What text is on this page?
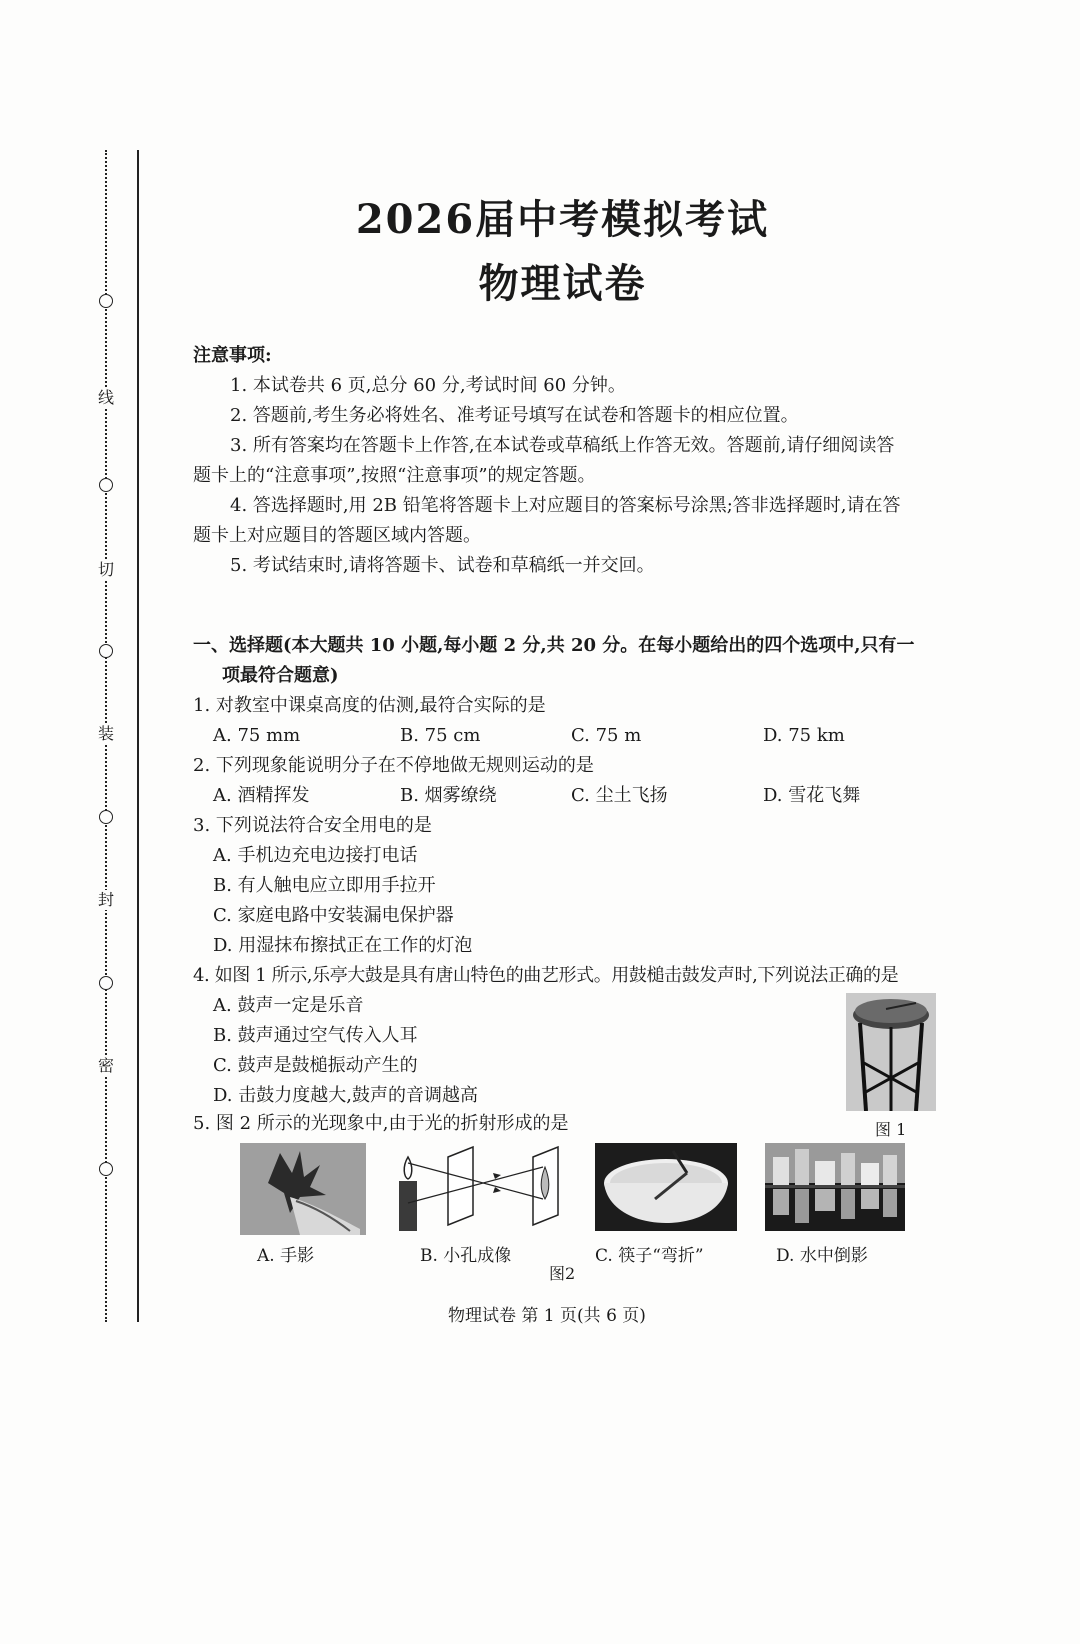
线
切
装
封
密
2026届中考模拟考试
物理试卷
注意事项:
1. 本试卷共 6 页,总分 60 分,考试时间 60 分钟。
2. 答题前,考生务必将姓名、准考证号填写在试卷和答题卡的相应位置。
3. 所有答案均在答题卡上作答,在本试卷或草稿纸上作答无效。答题前,请仔细阅读答
题卡上的“注意事项”,按照“注意事项”的规定答题。
4. 答选择题时,用 2B 铅笔将答题卡上对应题目的答案标号涂黑;答非选择题时,请在答
题卡上对应题目的答题区域内答题。
5. 考试结束时,请将答题卡、试卷和草稿纸一并交回。
一、选择题(本大题共 10 小题,每小题 2 分,共 20 分。在每小题给出的四个选项中,只有一
项最符合题意)
1. 对教室中课桌高度的估测,最符合实际的是
A. 75 mm	B. 75 cm	C. 75 m	D. 75 km
2. 下列现象能说明分子在不停地做无规则运动的是
A. 酒精挥发	B. 烟雾缭绕	C. 尘土飞扬	D. 雪花飞舞
3. 下列说法符合安全用电的是
A. 手机边充电边接打电话
B. 有人触电应立即用手拉开
C. 家庭电路中安装漏电保护器
D. 用湿抹布擦拭正在工作的灯泡
4. 如图 1 所示,乐亭大鼓是具有唐山特色的曲艺形式。用鼓槌击鼓发声时,下列说法正确的是
A. 鼓声一定是乐音
B. 鼓声通过空气传入人耳
C. 鼓声是鼓槌振动产生的
D. 击鼓力度越大,鼓声的音调越高
图 1
5. 图 2 所示的光现象中,由于光的折射形成的是
A. 手影	B. 小孔成像	C. 筷子“弯折”	D. 水中倒影
图2
物理试卷 第 1 页(共 6 页)
